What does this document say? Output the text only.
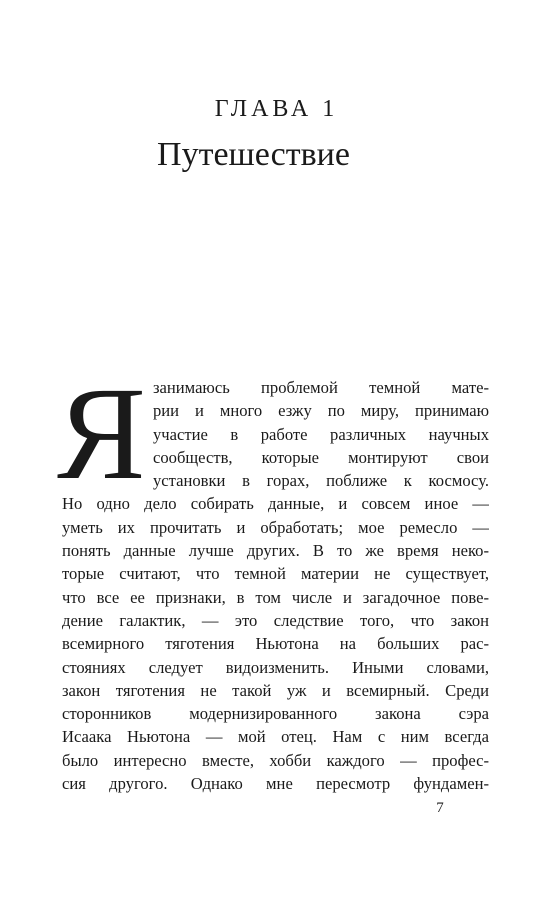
ГЛАВА 1
Путешествие
Я занимаюсь проблемой темной мате-
рии и много езжу по миру, принимаю
участие в работе различных научных
сообществ, которые монтируют свои
установки в горах, поближе к космосу.
Но одно дело собирать данные, и совсем иное —
уметь их прочитать и обработать; мое ремесло —
понять данные лучше других. В то же время неко-
торые считают, что темной материи не существует,
что все ее признаки, в том числе и загадочное пове-
дение галактик, — это следствие того, что закон
всемирного тяготения Ньютона на больших рас-
стояниях следует видоизменить. Иными словами,
закон тяготения не такой уж и всемирный. Среди
сторонников модернизированного закона сэра
Исаака Ньютона — мой отец. Нам с ним всегда
было интересно вместе, хобби каждого — профес-
сия другого. Однако мне пересмотр фундамен-
7
